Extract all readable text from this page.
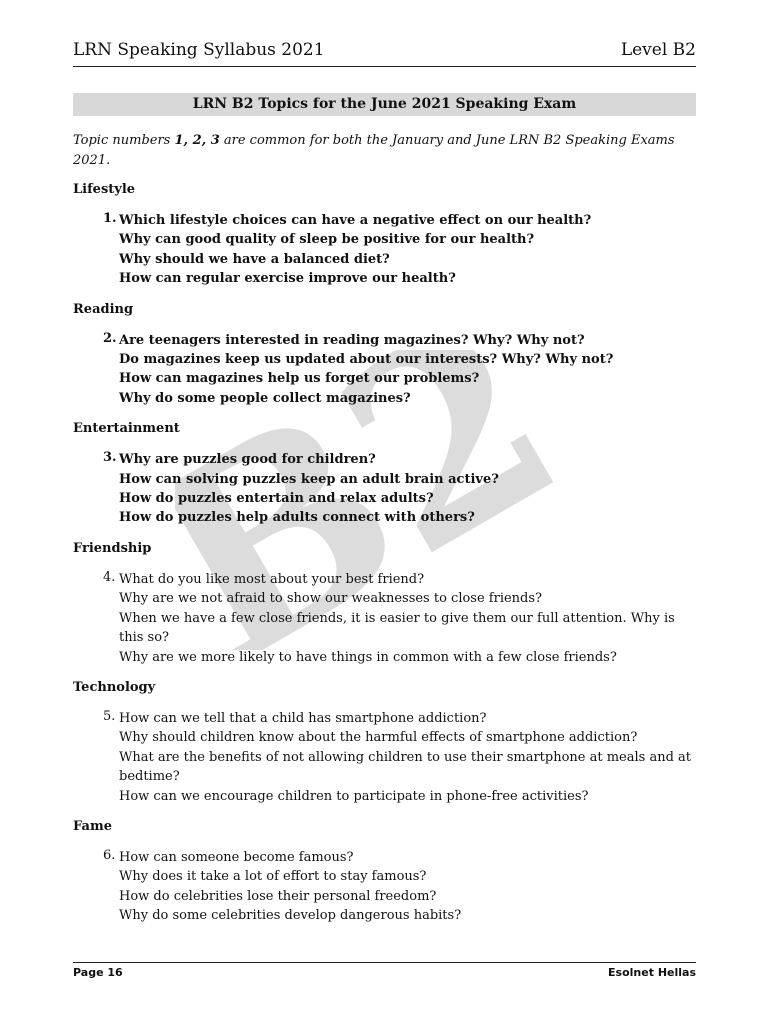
B2
LRN Speaking Syllabus 2021	Level B2
LRN B2 Topics for the June 2021 Speaking Exam
Topic numbers 1, 2, 3 are common for both the January and June LRN B2 Speaking Exams 2021.
Lifestyle
1. Which lifestyle choices can have a negative effect on our health?
Why can good quality of sleep be positive for our health?
Why should we have a balanced diet?
How can regular exercise improve our health?
Reading
2. Are teenagers interested in reading magazines? Why? Why not?
Do magazines keep us updated about our interests? Why? Why not?
How can magazines help us forget our problems?
Why do some people collect magazines?
Entertainment
3. Why are puzzles good for children?
How can solving puzzles keep an adult brain active?
How do puzzles entertain and relax adults?
How do puzzles help adults connect with others?
Friendship
4. What do you like most about your best friend?
Why are we not afraid to show our weaknesses to close friends?
When we have a few close friends, it is easier to give them our full attention. Why is this so?
Why are we more likely to have things in common with a few close friends?
Technology
5. How can we tell that a child has smartphone addiction?
Why should children know about the harmful effects of smartphone addiction?
What are the benefits of not allowing children to use their smartphone at meals and at
bedtime?
How can we encourage children to participate in phone-free activities?
Fame
6. How can someone become famous?
Why does it take a lot of effort to stay famous?
How do celebrities lose their personal freedom?
Why do some celebrities develop dangerous habits?
Page 16	Esolnet Hellas
